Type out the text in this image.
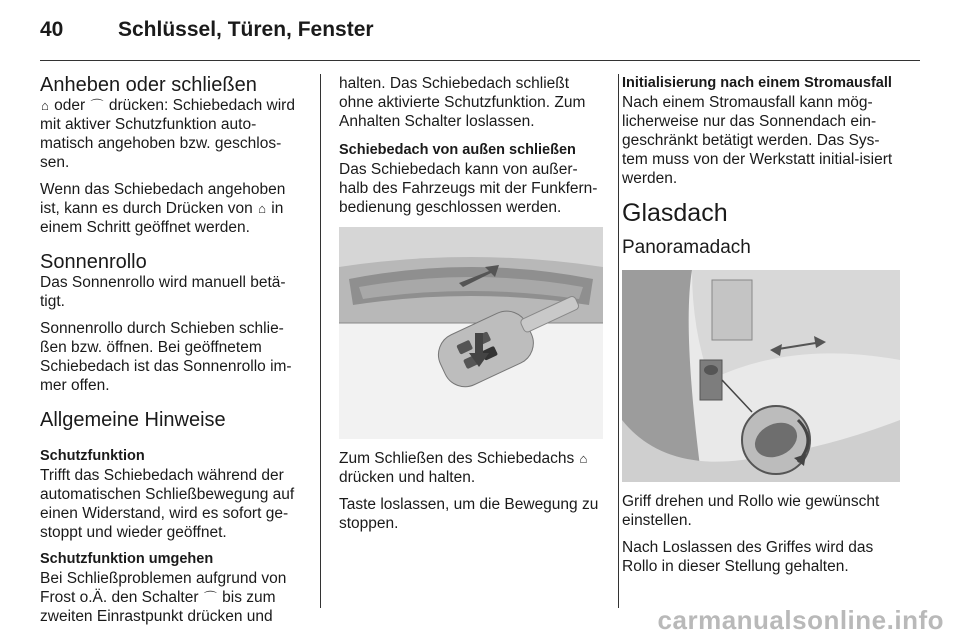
40	Schlüssel, Türen, Fenster
Anheben oder schließen

⌂ oder ⌒ drücken: Schiebedach wird mit aktiver Schutzfunktion auto-matisch angehoben bzw. geschlos-sen.

Wenn das Schiebedach angehoben ist, kann es durch Drücken von ⌂ in einem Schritt geöffnet werden.

Sonnenrollo

Das Sonnenrollo wird manuell betä-tigt.

Sonnenrollo durch Schieben schlie-ßen bzw. öffnen. Bei geöffnetem Schiebedach ist das Sonnenrollo im-mer offen.

Allgemeine Hinweise
Schutzfunktion

Trifft das Schiebedach während der automatischen Schließbewegung auf einen Widerstand, wird es sofort ge-stoppt und wieder geöffnet.

Schutzfunktion umgehen

Bei Schließproblemen aufgrund von Frost o.Ä. den Schalter ⌒ bis zum zweiten Einrastpunkt drücken und

halten. Das Schiebedach schließt ohne aktivierte Schutzfunktion. Zum Anhalten Schalter loslassen.

Schiebedach von außen schließen

Das Schiebedach kann von außer-halb des Fahrzeugs mit der Funkfern-bedienung geschlossen werden.

Zum Schließen des Schiebedachs ⌂ drücken und halten.

Taste loslassen, um die Bewegung zu stoppen.

Initialisierung nach einem Stromausfall

Nach einem Stromausfall kann mög-licherweise nur das Sonnendach ein-geschränkt betätigt werden. Das Sys-tem muss von der Werkstatt initial-isiert werden.

Glasdach
Panoramadach

Griff drehen und Rollo wie gewünscht einstellen.

Nach Loslassen des Griffes wird das Rollo in dieser Stellung gehalten.

carmanualsonline.info
